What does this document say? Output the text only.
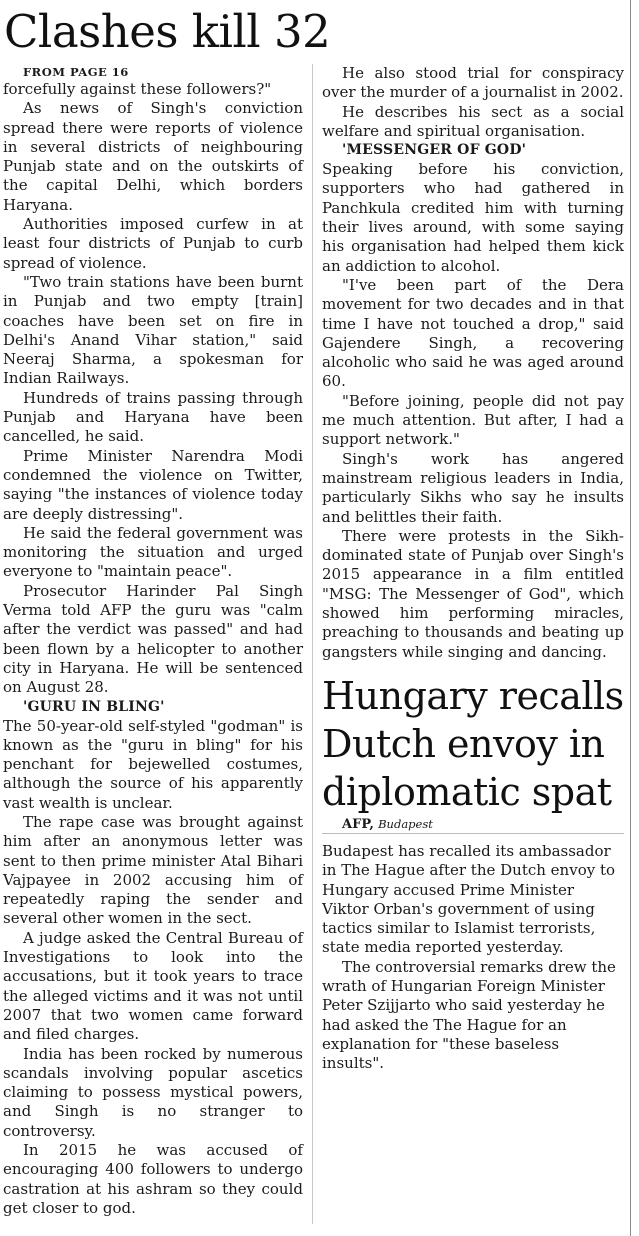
Clashes kill 32

FROM PAGE 16

forcefully against these followers?"

As news of Singh's conviction spread there were reports of violence in several districts of neighbouring Punjab state and on the outskirts of the capital Delhi, which borders Haryana.

Authorities imposed curfew in at least four districts of Punjab to curb spread of violence.

"Two train stations have been burnt in Punjab and two empty [train] coaches have been set on fire in Delhi's Anand Vihar station," said Neeraj Sharma, a spokesman for Indian Railways.

Hundreds of trains passing through Punjab and Haryana have been cancelled, he said.

Prime Minister Narendra Modi condemned the violence on Twitter, saying "the instances of violence today are deeply distressing".

He said the federal government was monitoring the situation and urged everyone to "maintain peace".

Prosecutor Harinder Pal Singh Verma told AFP the guru was "calm after the verdict was passed" and had been flown by a helicopter to another city in Haryana. He will be sentenced on August 28.

'GURU IN BLING'

The 50-year-old self-styled "godman" is known as the "guru in bling" for his penchant for bejewelled costumes, although the source of his apparently vast wealth is unclear.

The rape case was brought against him after an anonymous letter was sent to then prime minister Atal Bihari Vajpayee in 2002 accusing him of repeatedly raping the sender and several other women in the sect.

A judge asked the Central Bureau of Investigations to look into the accusations, but it took years to trace the alleged victims and it was not until 2007 that two women came forward and filed charges.

India has been rocked by numerous scandals involving popular ascetics claiming to possess mystical powers, and Singh is no stranger to controversy.

In 2015 he was accused of encouraging 400 followers to undergo castration at his ashram so they could get closer to god.

He also stood trial for conspiracy over the murder of a journalist in 2002.

He describes his sect as a social welfare and spiritual organisation.

'MESSENGER OF GOD'

Speaking before his conviction, supporters who had gathered in Panchkula credited him with turning their lives around, with some saying his organisation had helped them kick an addiction to alcohol.

"I've been part of the Dera movement for two decades and in that time I have not touched a drop," said Gajendere Singh, a recovering alcoholic who said he was aged around 60.

"Before joining, people did not pay me much attention. But after, I had a support network."

Singh's work has angered mainstream religious leaders in India, particularly Sikhs who say he insults and belittles their faith.

There were protests in the Sikh-dominated state of Punjab over Singh's 2015 appearance in a film entitled "MSG: The Messenger of God", which showed him performing miracles, preaching to thousands and beating up gangsters while singing and dancing.

Hungary recalls Dutch envoy in diplomatic spat

AFP, Budapest

Budapest has recalled its ambassador in The Hague after the Dutch envoy to Hungary accused Prime Minister Viktor Orban's government of using tactics similar to Islamist terrorists, state media reported yesterday.

The controversial remarks drew the wrath of Hungarian Foreign Minister Peter Szijjarto who said yesterday he had asked the The Hague for an explanation for "these baseless insults".
